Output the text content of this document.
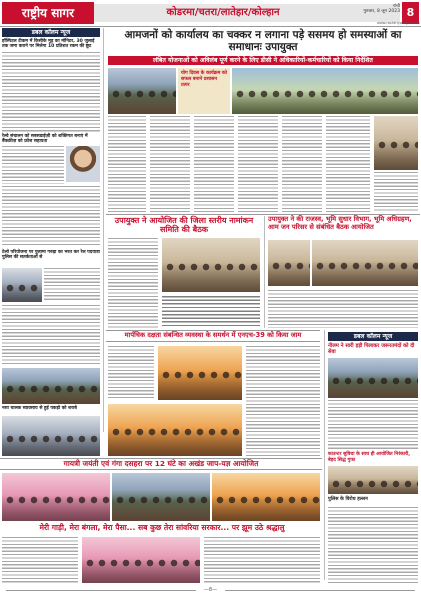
राष्ट्रीय सागर	कोडरमा/चतरा/लातेहार/कोल्हान
रांची
गुरुवार, 8 जून 2023 8
www.rashtriyasagar.com
डबल कॉलम न्यूज
हॉस्पिटल टीकम में किसीके मूड़ का मॉनिटर, 30 जुलाई तक जमा कराने पर मिलेगा 10 प्रतिशत रकम की छूट
रेल्वे संचालन को सबसडाईज़ी को शक्तिगत बनाएं में बैंकक्रीज़ को फ्रोज सहायता
टेल्वे परियोजना पर पुलामा गरुड़ा का भरत कर रेल पदयात्रा पुलिस की सतर्कताओं से
नशा चालक ब्यावसाय से हुई पकड़ो को शराबे
आमजनों को कार्यालय का चक्कर न लगाना पड़े ससमय हो समस्याओं का समाधानः उपायुक्त
लंबित योजनाओं को अविलंब पूर्ण करने के लिए डीसी ने अधिकारियों-कर्मचारियों को किया निर्देशित
योग दिवस के कार्यक्रम को सफल बनाने प्रशासन तत्पर
उपायुक्त ने आयोजित की जिला स्तरीय नामांकन समिति की बैठक
उपायुक्त ने की राजस्व, भूमि सुधार विभाग, भूमि अधिग्रहण, आम जन परिसर से संबंधित बैठक आयोजित
मार्पचिक दक्षता संबन्धित व्यवस्था के समर्थन में एनएच-39 को किया जाम	डबल कॉलम न्यूज
नीलम ने सारी हड़ी पिलाकर जरूरतमंदों को दी सेवा
काउन्टर सुविधा के साथ ही आयोजित निरंकारी, बेहद सिद्ध गुफा
पुलिस के विरोध हल्लन
गायत्री जयंती एवं गंगा दसहरा पर 12 घंटे का अखंड जाप-यज्ञ आयोजित
मेरी गाड़ी, मेरा बंगला, मेरा पैसा... सब कुछ तेरा सांवरिया सरकार... पर झूम उठे श्रद्धालु
—8—
